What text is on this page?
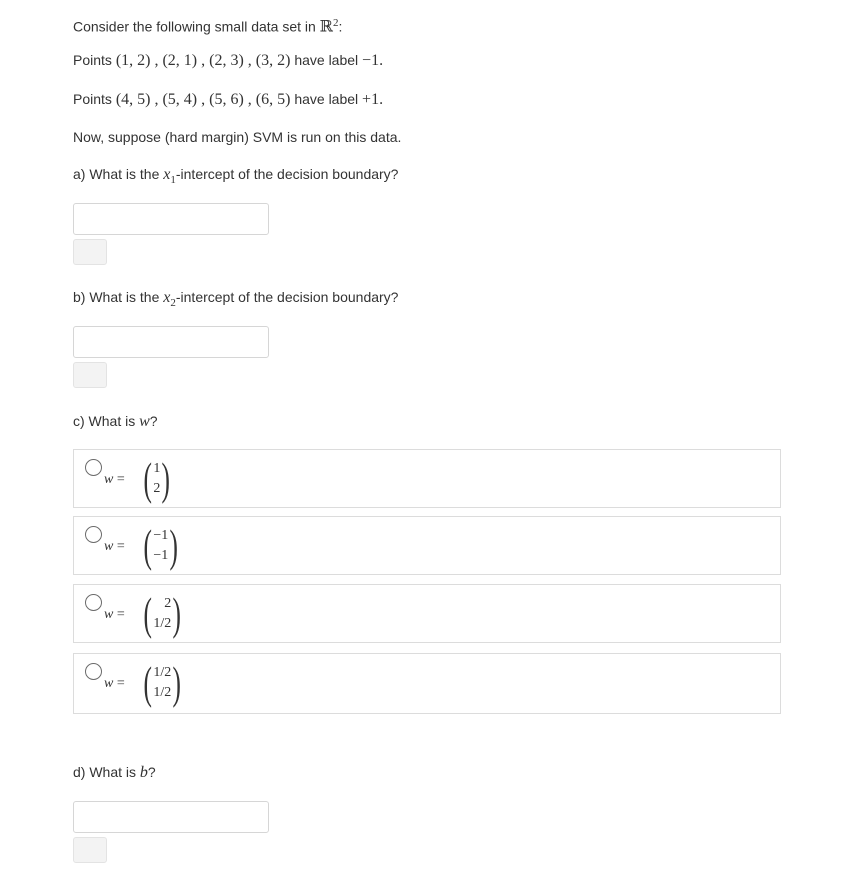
Consider the following small data set in ℝ$^2$:
Points (1, 2) , (2, 1) , (2, 3) , (3, 2) have label −1.
Points (4, 5) , (5, 4) , (5, 6) , (6, 5) have label +1.
Now, suppose (hard margin) SVM is run on this data.
a) What is the $x_1$-intercept of the decision boundary?
b) What is the $x_2$-intercept of the decision boundary?
c) What is w?
w = ( 1
2 )
w = ( −1
−1 )
w = ( 2
1/2 )
w = ( 1/2
1/2 )
d) What is b?
